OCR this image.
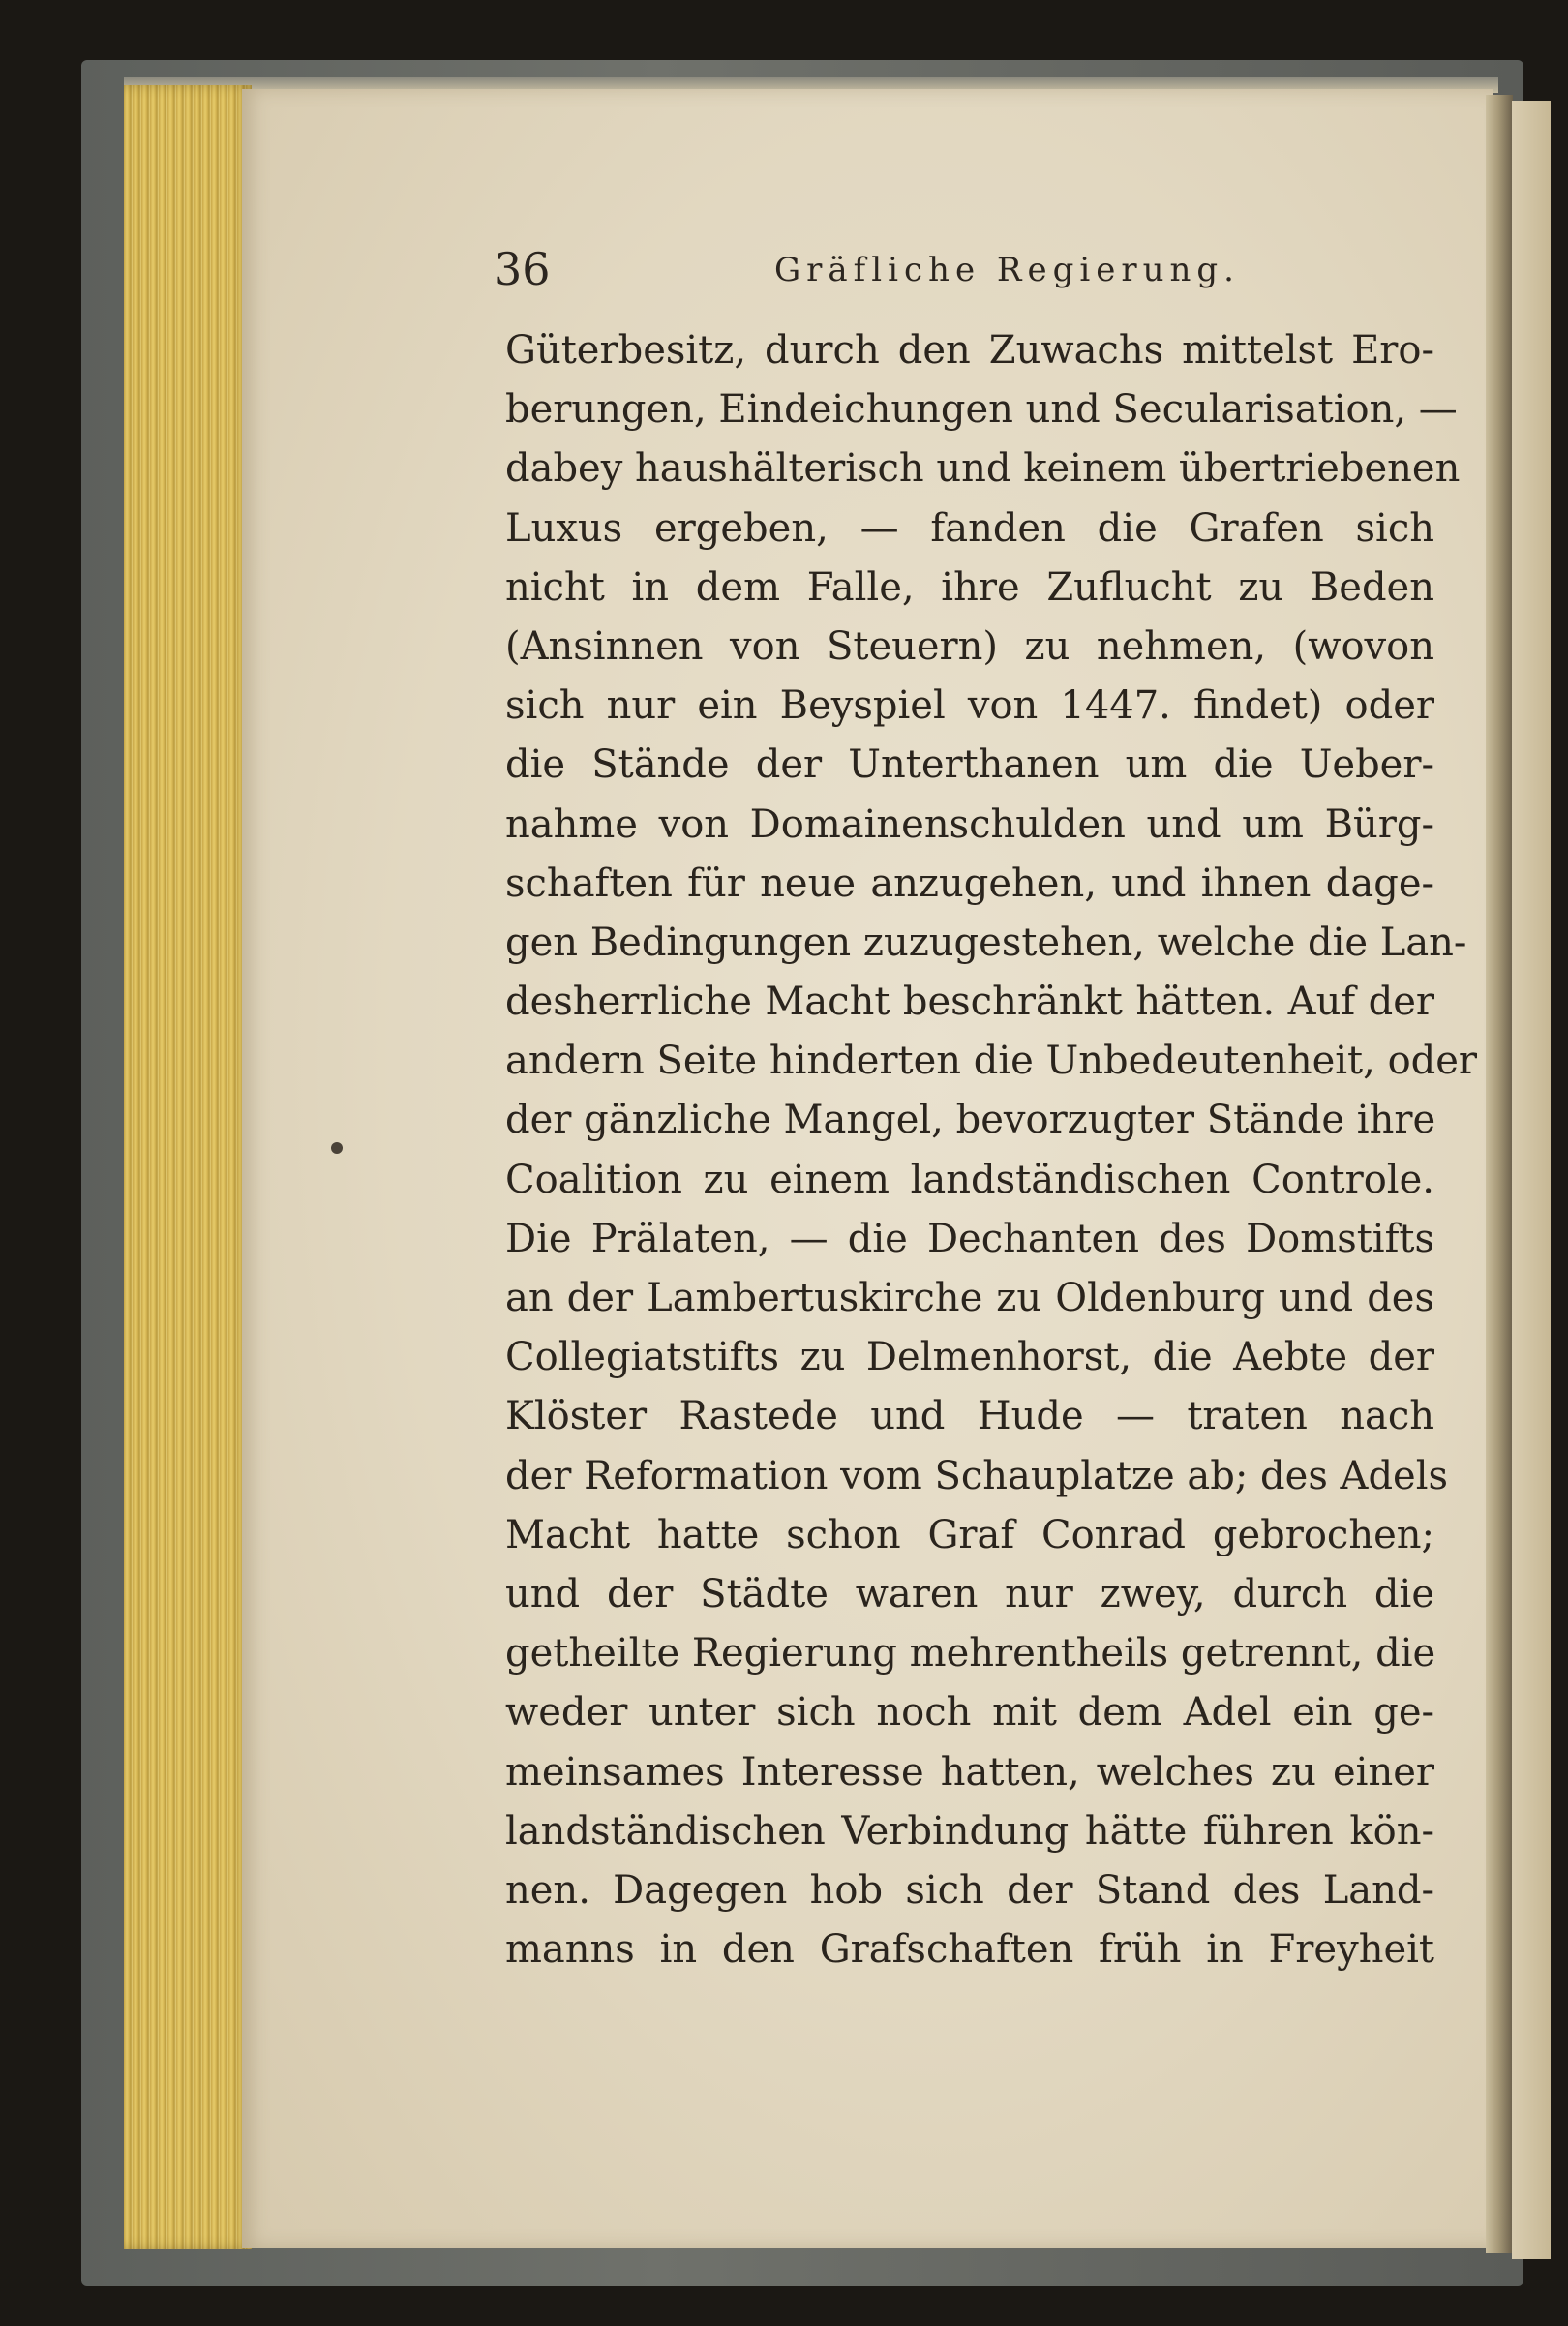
36	Gräfliche Regierung.
Güterbesitz, durch den Zuwachs mittelst Ero-
berungen, Eindeichungen und Secularisation, —
dabey haushälterisch und keinem übertriebenen
Luxus ergeben, — fanden die Grafen sich
nicht in dem Falle, ihre Zuflucht zu Beden
(Ansinnen von Steuern) zu nehmen, (wovon
sich nur ein Beyspiel von 1447. findet) oder
die Stände der Unterthanen um die Ueber-
nahme von Domainenschulden und um Bürg-
schaften für neue anzugehen, und ihnen dage-
gen Bedingungen zuzugestehen, welche die Lan-
desherrliche Macht beschränkt hätten. Auf der
andern Seite hinderten die Unbedeutenheit, oder
der gänzliche Mangel, bevorzugter Stände ihre
Coalition zu einem landständischen Controle.
Die Prälaten, — die Dechanten des Domstifts
an der Lambertuskirche zu Oldenburg und des
Collegiatstifts zu Delmenhorst, die Aebte der
Klöster Rastede und Hude — traten nach
der Reformation vom Schauplatze ab; des Adels
Macht hatte schon Graf Conrad gebrochen;
und der Städte waren nur zwey, durch die
getheilte Regierung mehrentheils getrennt, die
weder unter sich noch mit dem Adel ein ge-
meinsames Interesse hatten, welches zu einer
landständischen Verbindung hätte führen kön-
nen. Dagegen hob sich der Stand des Land-
manns in den Grafschaften früh in Freyheit
